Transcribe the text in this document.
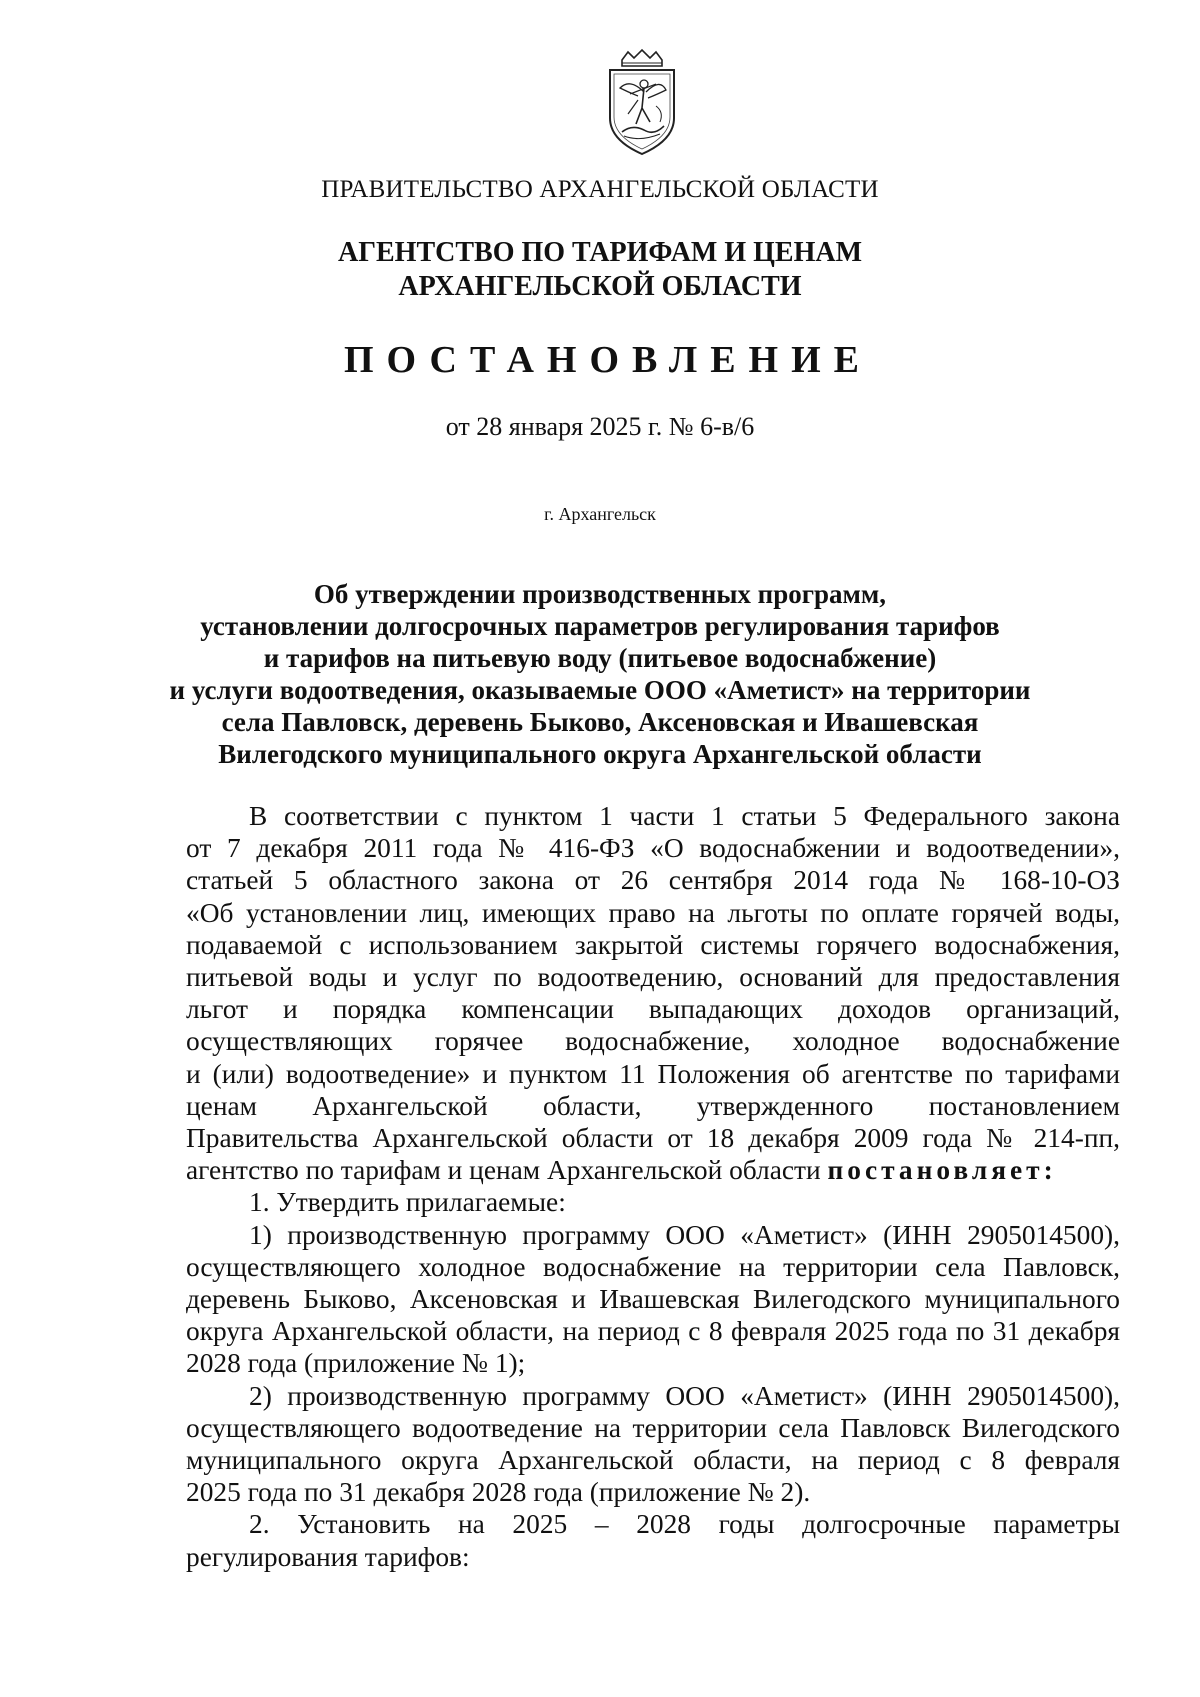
ПРАВИТЕЛЬСТВО АРХАНГЕЛЬСКОЙ ОБЛАСТИ
АГЕНТСТВО ПО ТАРИФАМ И ЦЕНАМ
АРХАНГЕЛЬСКОЙ ОБЛАСТИ
ПОСТАНОВЛЕНИЕ
от 28 января 2025 г. № 6-в/6
г. Архангельск
Об утверждении производственных программ,
установлении долгосрочных параметров регулирования тарифов
и тарифов на питьевую воду (питьевое водоснабжение)
и услуги водоотведения, оказываемые ООО «Аметист» на территории
села Павловск, деревень Быково, Аксеновская и Ивашевская
Вилегодского муниципального округа Архангельской области
В соответствии с пунктом 1 части 1 статьи 5 Федерального закона
от 7 декабря 2011 года № 416-ФЗ «О водоснабжении и водоотведении»,
статьей 5 областного закона от 26 сентября 2014 года № 168-10-ОЗ
«Об установлении лиц, имеющих право на льготы по оплате горячей воды,
подаваемой с использованием закрытой системы горячего водоснабжения,
питьевой воды и услуг по водоотведению, оснований для предоставления
льгот и порядка компенсации выпадающих доходов организаций,
осуществляющих горячее водоснабжение, холодное водоснабжение
и (или) водоотведение» и пунктом 11 Положения об агентстве по тарифами
ценам Архангельской области, утвержденного постановлением
Правительства Архангельской области от 18 декабря 2009 года № 214-пп,
агентство по тарифам и ценам Архангельской области постановляет:
1. Утвердить прилагаемые:
1) производственную программу ООО «Аметист» (ИНН 2905014500),
осуществляющего холодное водоснабжение на территории села Павловск,
деревень Быково, Аксеновская и Ивашевская Вилегодского муниципального
округа Архангельской области, на период с 8 февраля 2025 года по 31 декабря
2028 года (приложение № 1);
2) производственную программу ООО «Аметист» (ИНН 2905014500),
осуществляющего водоотведение на территории села Павловск Вилегодского
муниципального округа Архангельской области, на период с 8 февраля
2025 года по 31 декабря 2028 года (приложение № 2).
2. Установить на 2025 – 2028 годы долгосрочные параметры
регулирования тарифов:
